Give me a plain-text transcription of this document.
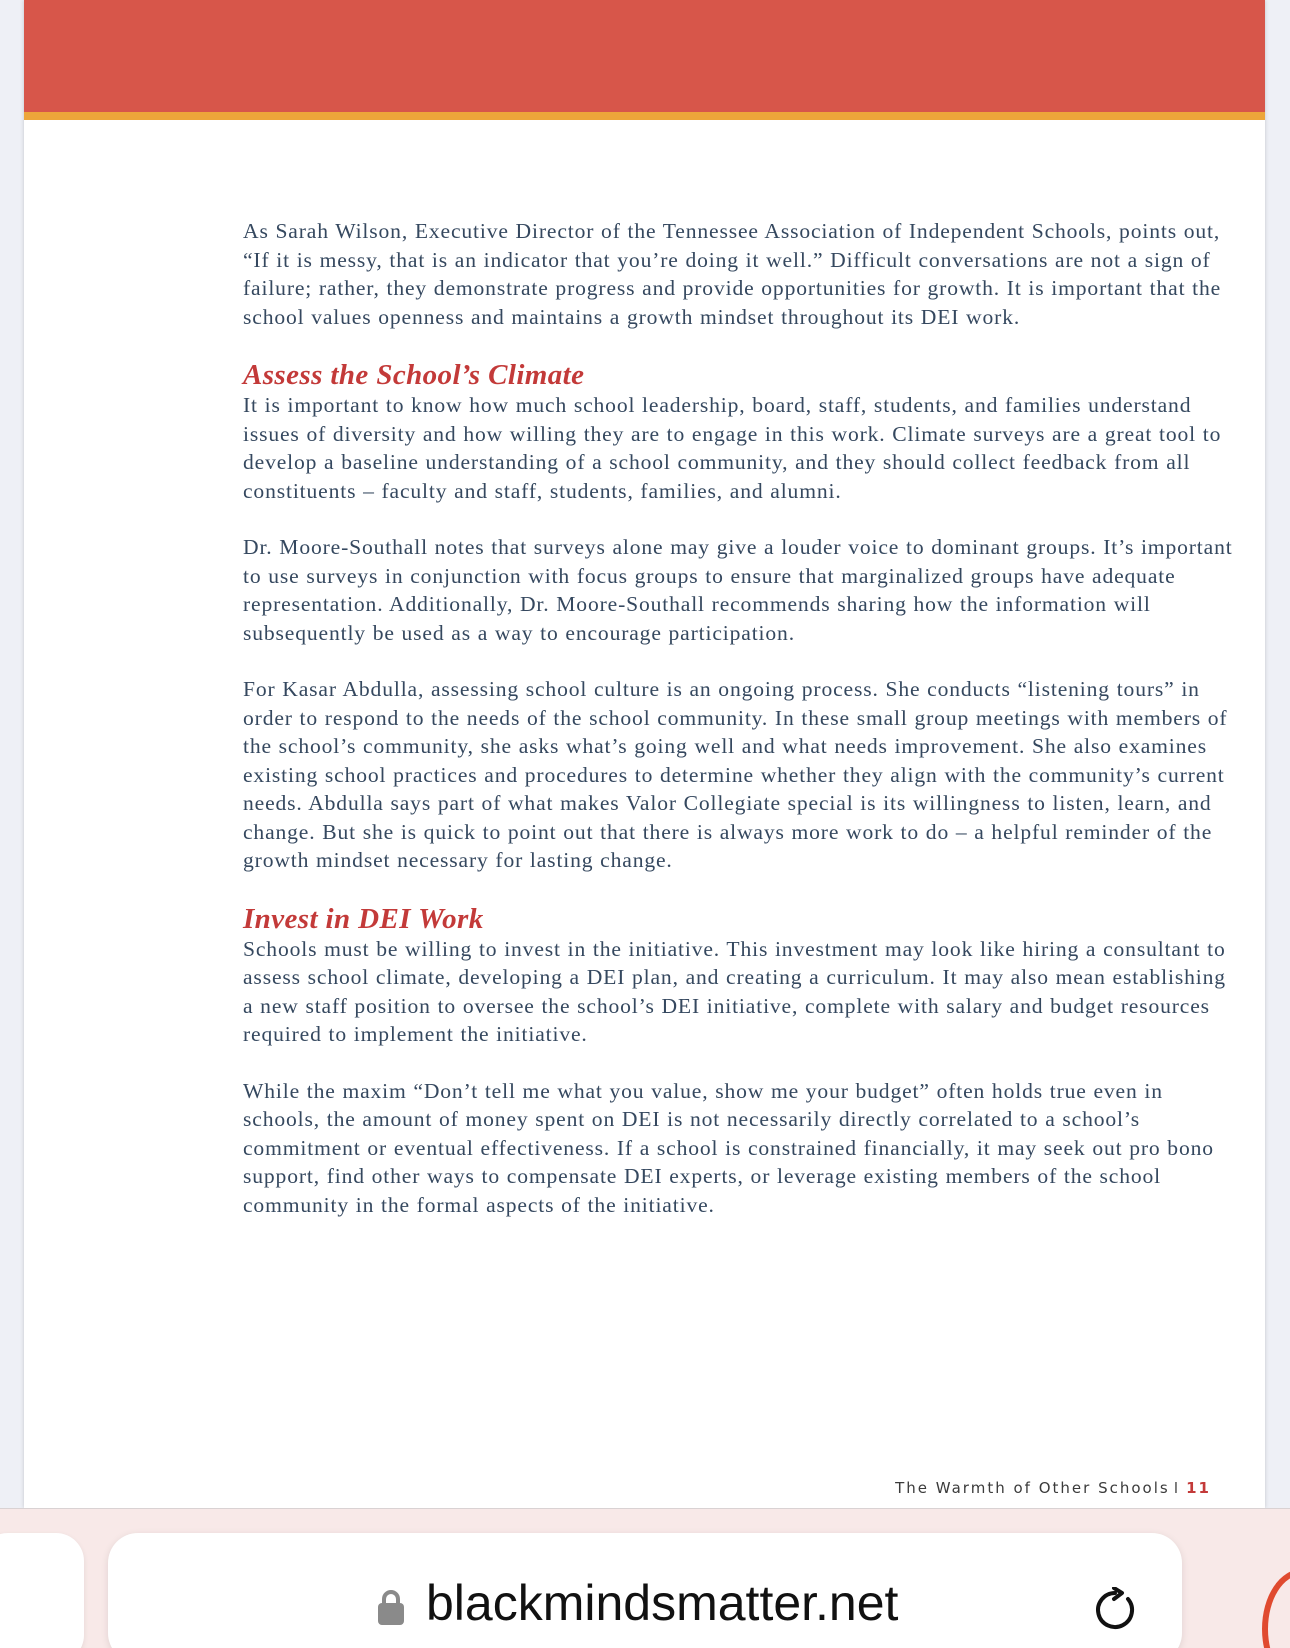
As Sarah Wilson, Executive Director of the Tennessee Association of Independent Schools, points out, “If it is messy, that is an indicator that you’re doing it well.” Difficult conversations are not a sign of failure; rather, they demonstrate progress and provide opportunities for growth. It is important that the school values openness and maintains a growth mindset throughout its DEI work.

Assess the School’s Climate

It is important to know how much school leadership, board, staff, students, and families understand issues of diversity and how willing they are to engage in this work. Climate surveys are a great tool to develop a baseline understanding of a school community, and they should collect feedback from all constituents – faculty and staff, students, families, and alumni.

Dr. Moore-Southall notes that surveys alone may give a louder voice to dominant groups. It’s important to use surveys in conjunction with focus groups to ensure that marginalized groups have adequate representation. Additionally, Dr. Moore-Southall recommends sharing how the information will subsequently be used as a way to encourage participation.

For Kasar Abdulla, assessing school culture is an ongoing process. She conducts “listening tours” in order to respond to the needs of the school community. In these small group meetings with members of the school’s community, she asks what’s going well and what needs improvement. She also examines existing school practices and procedures to determine whether they align with the community’s current needs. Abdulla says part of what makes Valor Collegiate special is its willingness to listen, learn, and change. But she is quick to point out that there is always more work to do – a helpful reminder of the growth mindset necessary for lasting change.

Invest in DEI Work

Schools must be willing to invest in the initiative. This investment may look like hiring a consultant to assess school climate, developing a DEI plan, and creating a curriculum. It may also mean establishing a new staff position to oversee the school’s DEI initiative, complete with salary and budget resources required to implement the initiative.

While the maxim “Don’t tell me what you value, show me your budget” often holds true even in schools, the amount of money spent on DEI is not necessarily directly correlated to a school’s commitment or eventual effectiveness. If a school is constrained financially, it may seek out pro bono support, find other ways to compensate DEI experts, or leverage existing members of the school community in the formal aspects of the initiative.

The Warmth of Other Schools I 11
blackmindsmatter.net
